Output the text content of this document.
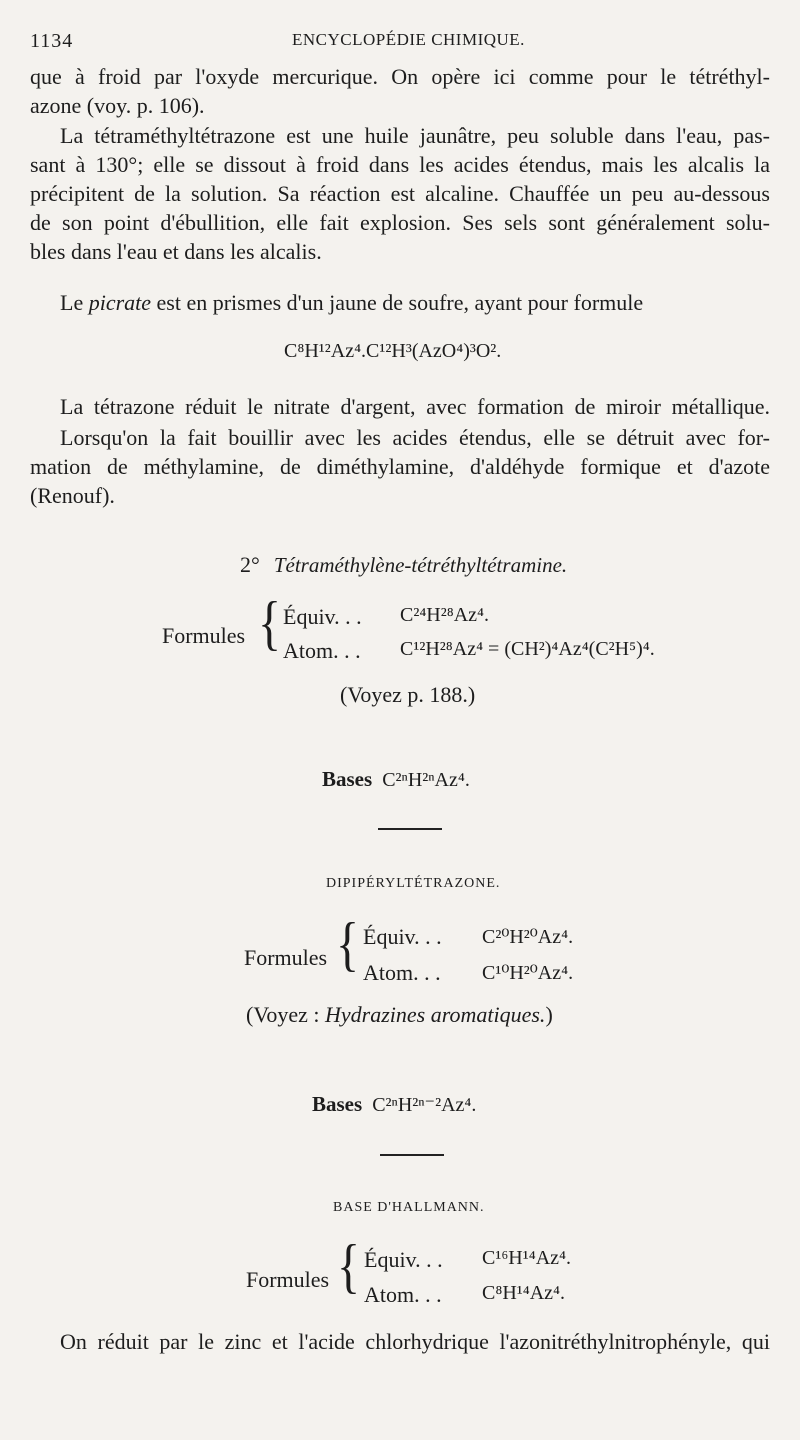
1134	ENCYCLOPÉDIE CHIMIQUE.
que à froid par l'oxyde mercurique. On opère ici comme pour le tétréthyl-
azone (voy. p. 106).
La tétraméthyltétrazone est une huile jaunâtre, peu soluble dans l'eau, pas-
sant à 130°; elle se dissout à froid dans les acides étendus, mais les alcalis la
précipitent de la solution. Sa réaction est alcaline. Chauffée un peu au-dessous
de son point d'ébullition, elle fait explosion. Ses sels sont généralement solu-
bles dans l'eau et dans les alcalis.
Le picrate est en prismes d'un jaune de soufre, ayant pour formule
C⁸H¹²Az⁴.C¹²H³(AzO⁴)³O².
La tétrazone réduit le nitrate d'argent, avec formation de miroir métallique.
Lorsqu'on la fait bouillir avec les acides étendus, elle se détruit avec for-
mation de méthylamine, de diméthylamine, d'aldéhyde formique et d'azote
(Renouf).
2° Tétraméthylène-tétréthyltétramine.
Formules { Équiv. . . C²⁴H²⁸Az⁴.
Atom. . . C¹²H²⁸Az⁴ = (CH²)⁴Az⁴(C²H⁵)⁴.
(Voyez p. 188.)
Bases C²ⁿH²ⁿAz⁴.
DIPIPÉRYLTÉTRAZONE.
Formules { Équiv. . . C²⁰H²⁰Az⁴.
Atom. . . C¹⁰H²⁰Az⁴.
(Voyez : Hydrazines aromatiques.)
Bases C²ⁿH²ⁿ⁻²Az⁴.
BASE D'HALLMANN.
Formules { Équiv. . . C¹⁶H¹⁴Az⁴.
Atom. . . C⁸H¹⁴Az⁴.
On réduit par le zinc et l'acide chlorhydrique l'azonitréthylnitrophényle, qui
